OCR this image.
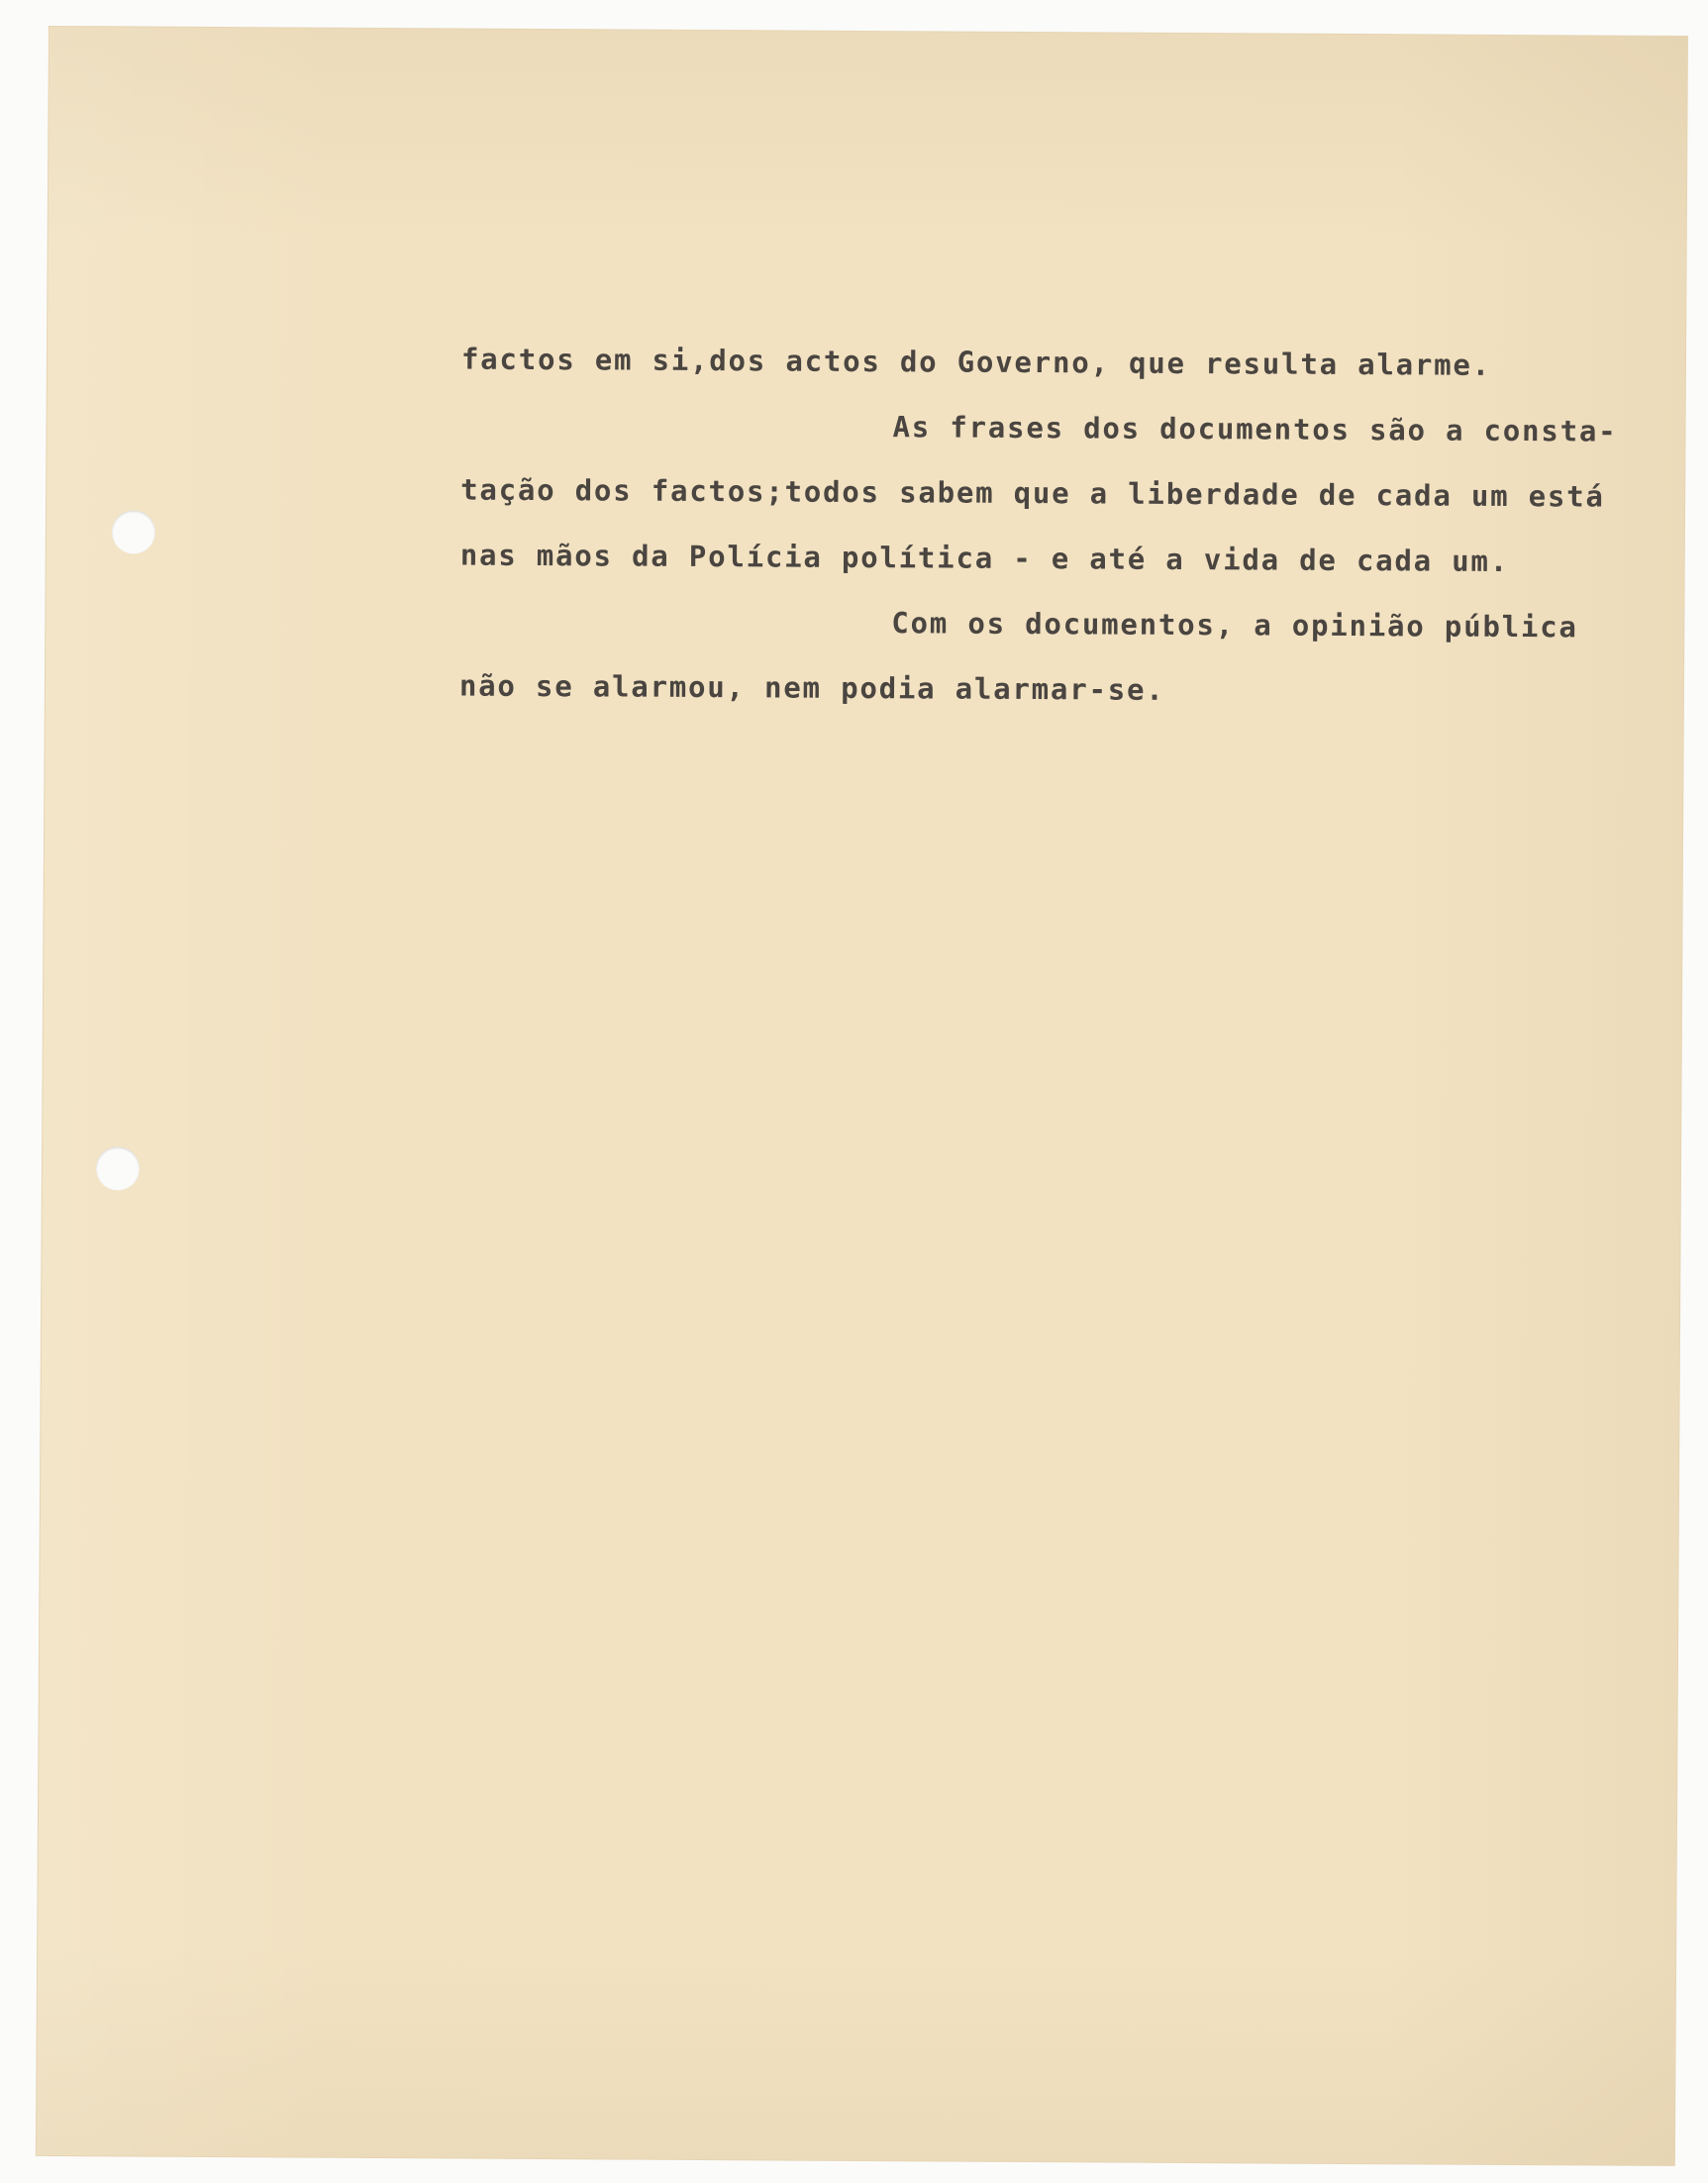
factos em si,dos actos do Governo, que resulta alarme.
As frases dos documentos são a consta-
tação dos factos;todos sabem que a liberdade de cada um está
nas mãos da Polícia política - e até a vida de cada um.
Com os documentos, a opinião pública
não se alarmou, nem podia alarmar-se.
